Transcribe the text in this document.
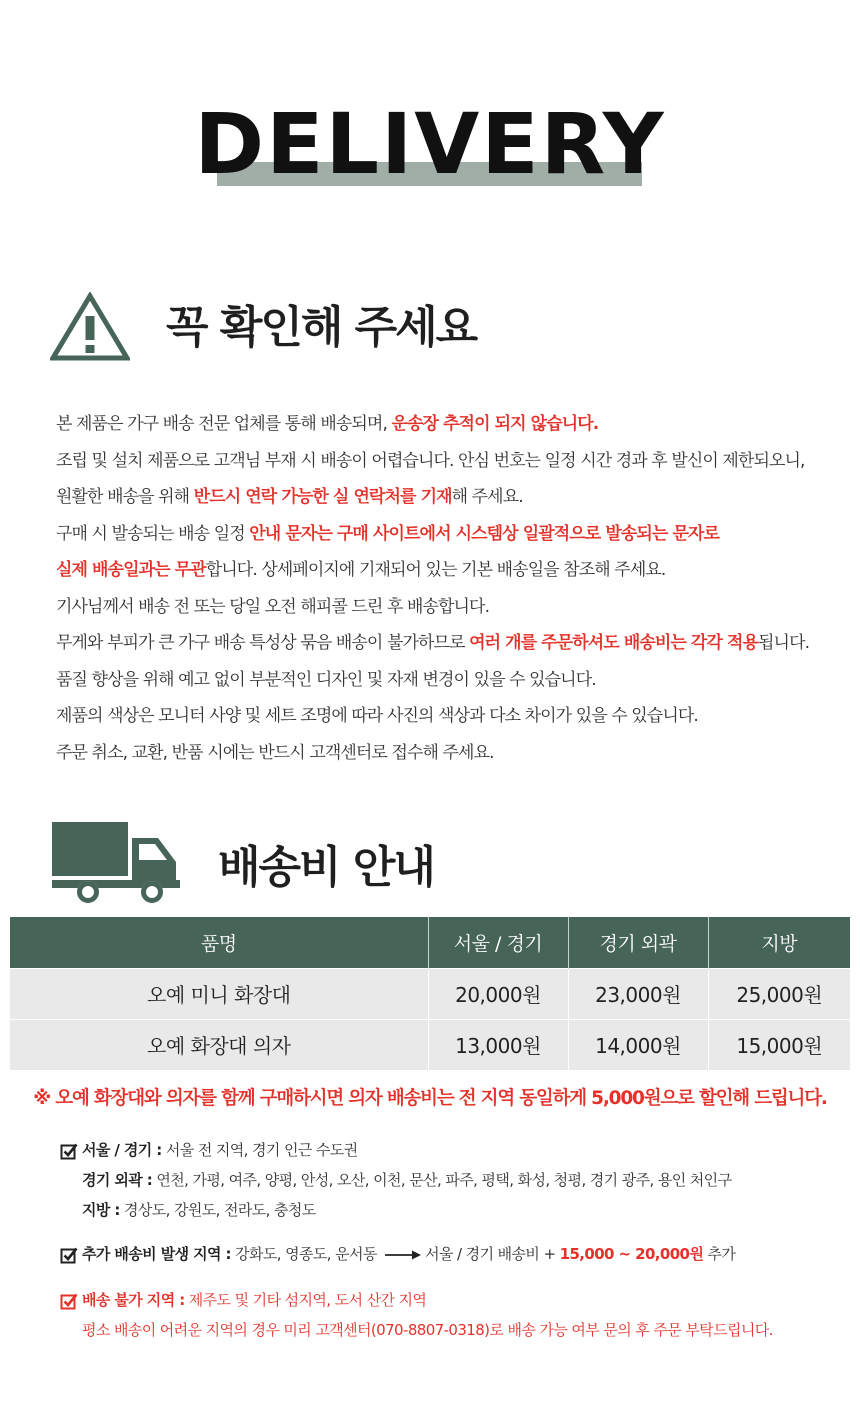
DELIVERY
꼭 확인해 주세요
본 제품은 가구 배송 전문 업체를 통해 배송되며, 운송장 추적이 되지 않습니다.
조립 및 설치 제품으로 고객님 부재 시 배송이 어렵습니다. 안심 번호는 일정 시간 경과 후 발신이 제한되오니,
원활한 배송을 위해 반드시 연락 가능한 실 연락처를 기재해 주세요.
구매 시 발송되는 배송 일정 안내 문자는 구매 사이트에서 시스템상 일괄적으로 발송되는 문자로
실제 배송일과는 무관합니다. 상세페이지에 기재되어 있는 기본 배송일을 참조해 주세요.
기사님께서 배송 전 또는 당일 오전 해피콜 드린 후 배송합니다.
무게와 부피가 큰 가구 배송 특성상 묶음 배송이 불가하므로 여러 개를 주문하셔도 배송비는 각각 적용됩니다.
품질 향상을 위해 예고 없이 부분적인 디자인 및 자재 변경이 있을 수 있습니다.
제품의 색상은 모니터 사양 및 세트 조명에 따라 사진의 색상과 다소 차이가 있을 수 있습니다.
주문 취소, 교환, 반품 시에는 반드시 고객센터로 접수해 주세요.
배송비 안내
품명	서울 / 경기	경기 외곽	지방
오예 미니 화장대	20,000원	23,000원	25,000원
오예 화장대 의자	13,000원	14,000원	15,000원
※ 오예 화장대와 의자를 함께 구매하시면 의자 배송비는 전 지역 동일하게 5,000원으로 할인해 드립니다.
서울 / 경기 : 서울 전 지역, 경기 인근 수도권
경기 외곽 : 연천, 가평, 여주, 양평, 안성, 오산, 이천, 문산, 파주, 평택, 화성, 청평, 경기 광주, 용인 처인구
지방 : 경상도, 강원도, 전라도, 충청도
추가 배송비 발생 지역 : 강화도, 영종도, 운서동	서울 / 경기 배송비 + 15,000 ~ 20,000원 추가
배송 불가 지역 : 제주도 및 기타 섬지역, 도서 산간 지역
평소 배송이 어려운 지역의 경우 미리 고객센터(070-8807-0318)로 배송 가능 여부 문의 후 주문 부탁드립니다.
